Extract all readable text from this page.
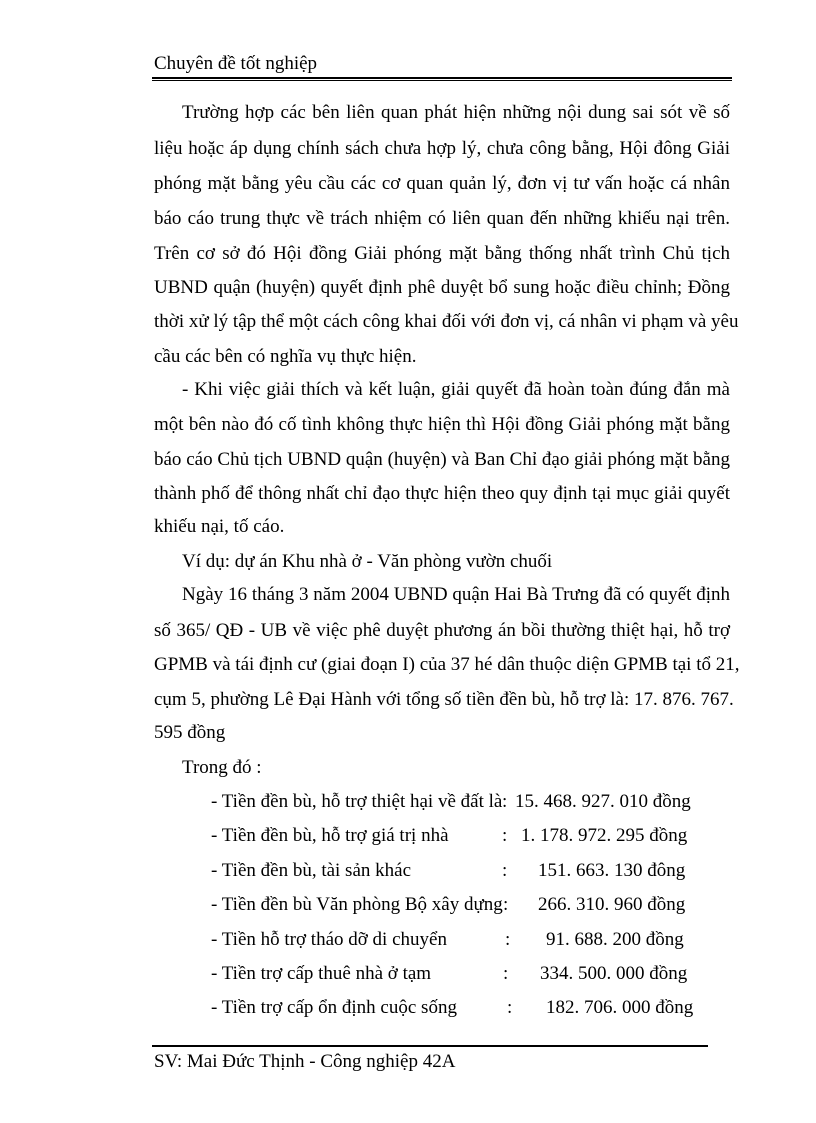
Chuyên đề tốt nghiệp
Trường hợp các bên liên quan phát hiện những nội dung sai sót về số
liệu hoặc áp dụng chính sách chưa hợp lý, chưa công bằng, Hội đông Giải
phóng mặt bằng yêu cầu các cơ quan quản lý, đơn vị tư vấn hoặc cá nhân
báo cáo trung thực về trách nhiệm có liên quan đến những khiếu nại trên.
Trên cơ sở đó Hội đồng Giải phóng mặt bằng thống nhất trình Chủ tịch
UBND quận (huyện) quyết định phê duyệt bổ sung hoặc điều chỉnh; Đồng
thời xử lý tập thể một cách công khai đối với đơn vị, cá nhân vi phạm và yêu
cầu các bên có nghĩa vụ thực hiện.
- Khi việc giải thích và kết luận, giải quyết đã hoàn toàn đúng đắn mà
một bên nào đó cố tình không thực hiện thì Hội đồng Giải phóng mặt bằng
báo cáo Chủ tịch UBND quận (huyện) và Ban Chỉ đạo giải phóng mặt bằng
thành phố để thông nhất chỉ đạo thực hiện theo quy định tại mục giải quyết
khiếu nại, tố cáo.
Ví dụ: dự án Khu nhà ở - Văn phòng vườn chuối
Ngày 16 tháng 3 năm 2004 UBND quận Hai Bà Trưng đã có quyết định
số 365/ QĐ - UB về việc phê duyệt phương án bồi thường thiệt hại, hỗ trợ
GPMB và tái định cư (giai đoạn I) của 37 hé dân thuộc diện GPMB tại tổ 21,
cụm 5, phường Lê Đại Hành với tổng số tiền đền bù, hỗ trợ là: 17. 876. 767.
595 đồng
Trong đó :
- Tiền đền bù, hỗ trợ thiệt hại về đất là : 15. 468. 927. 010 đồng
- Tiền đền bù, hỗ trợ giá trị nhà	: 1. 178. 972. 295 đồng
- Tiền đền bù, tài sản khác	: 151. 663. 130 đông
- Tiền đền bù Văn phòng Bộ xây dựng : 266. 310. 960 đồng
- Tiền hỗ trợ tháo dỡ di chuyển	: 91. 688. 200 đồng
- Tiền trợ cấp thuê nhà ở tạm	: 334. 500. 000 đồng
- Tiền trợ cấp ổn định cuộc sống	: 182. 706. 000 đồng
SV: Mai Đức Thịnh - Công nghiệp 42A
